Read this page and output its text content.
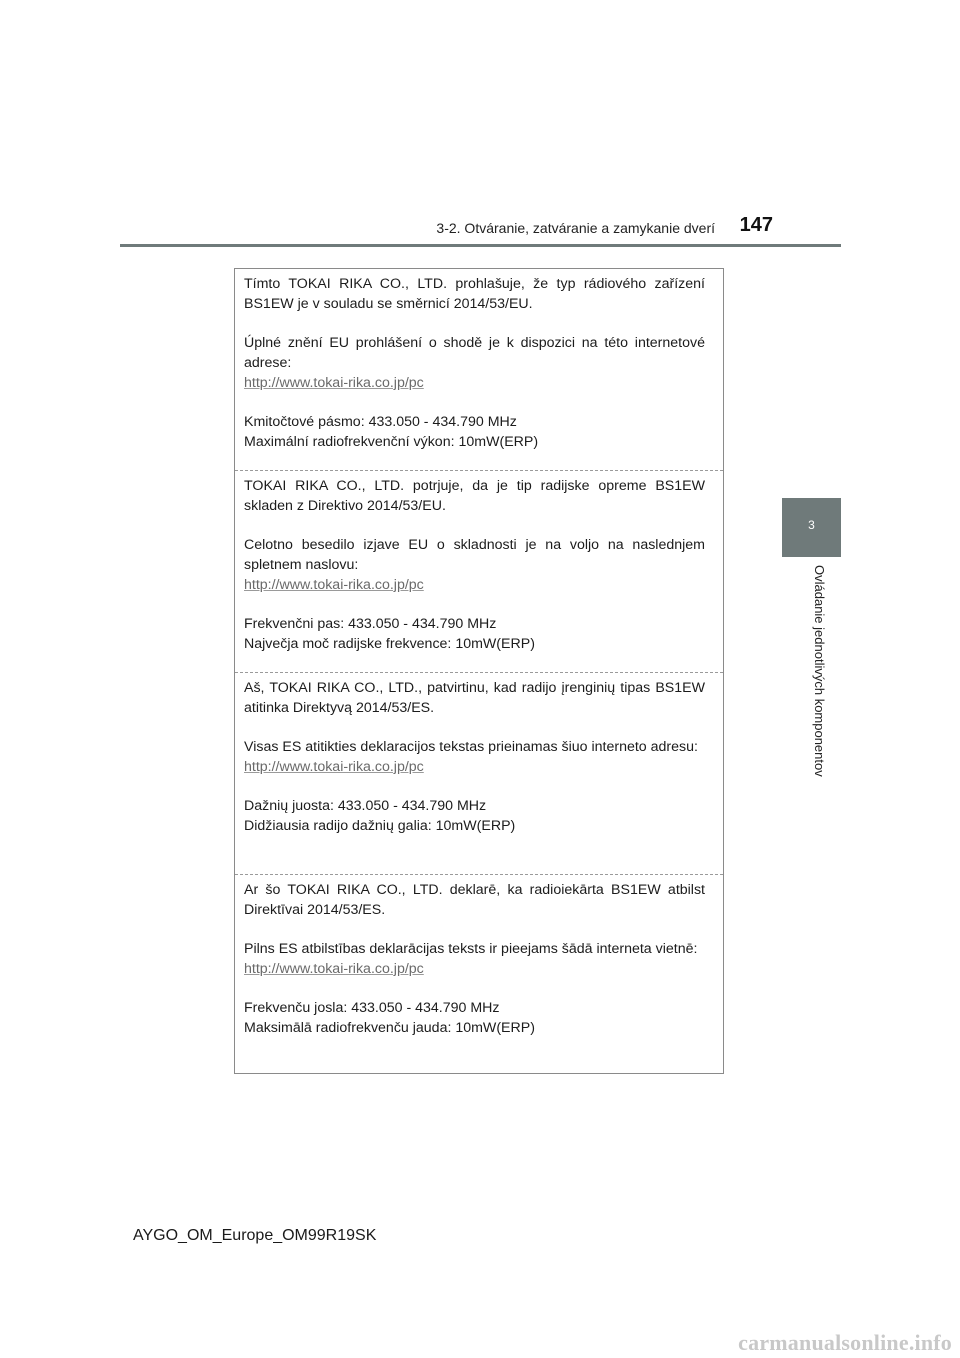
3-2. Otváranie, zatváranie a zamykanie dverí 147
3
Ovládanie jednotlivých komponentov

Tímto TOKAI RIKA CO., LTD. prohlašuje, že typ rádiového zařízení BS1EW je v souladu se směrnicí 2014/53/EU.

Úplné znění EU prohlášení o shodě je k dispozici na této internetové adrese:

http://www.tokai-rika.co.jp/pc

Kmitočtové pásmo: 433.050 - 434.790 MHz

Maximální radiofrekvenční výkon: 10mW(ERP)

TOKAI RIKA CO., LTD. potrjuje, da je tip radijske opreme BS1EW skladen z Direktivo 2014/53/EU.

Celotno besedilo izjave EU o skladnosti je na voljo na naslednjem spletnem naslovu:

http://www.tokai-rika.co.jp/pc

Frekvenčni pas: 433.050 - 434.790 MHz

Največja moč radijske frekvence: 10mW(ERP)

Aš, TOKAI RIKA CO., LTD., patvirtinu, kad radijo įrenginių tipas BS1EW atitinka Direktyvą 2014/53/ES.

Visas ES atitikties deklaracijos tekstas prieinamas šiuo interneto adresu:

http://www.tokai-rika.co.jp/pc

Dažnių juosta: 433.050 - 434.790 MHz

Didžiausia radijo dažnių galia: 10mW(ERP)

Ar šo TOKAI RIKA CO., LTD. deklarē, ka radioiekārta BS1EW atbilst Direktīvai 2014/53/ES.

Pilns ES atbilstības deklarācijas teksts ir pieejams šādā interneta vietnē:

http://www.tokai-rika.co.jp/pc

Frekvenču josla: 433.050 - 434.790 MHz

Maksimālā radiofrekvenču jauda: 10mW(ERP)

AYGO_OM_Europe_OM99R19SK
carmanualsonline.info
